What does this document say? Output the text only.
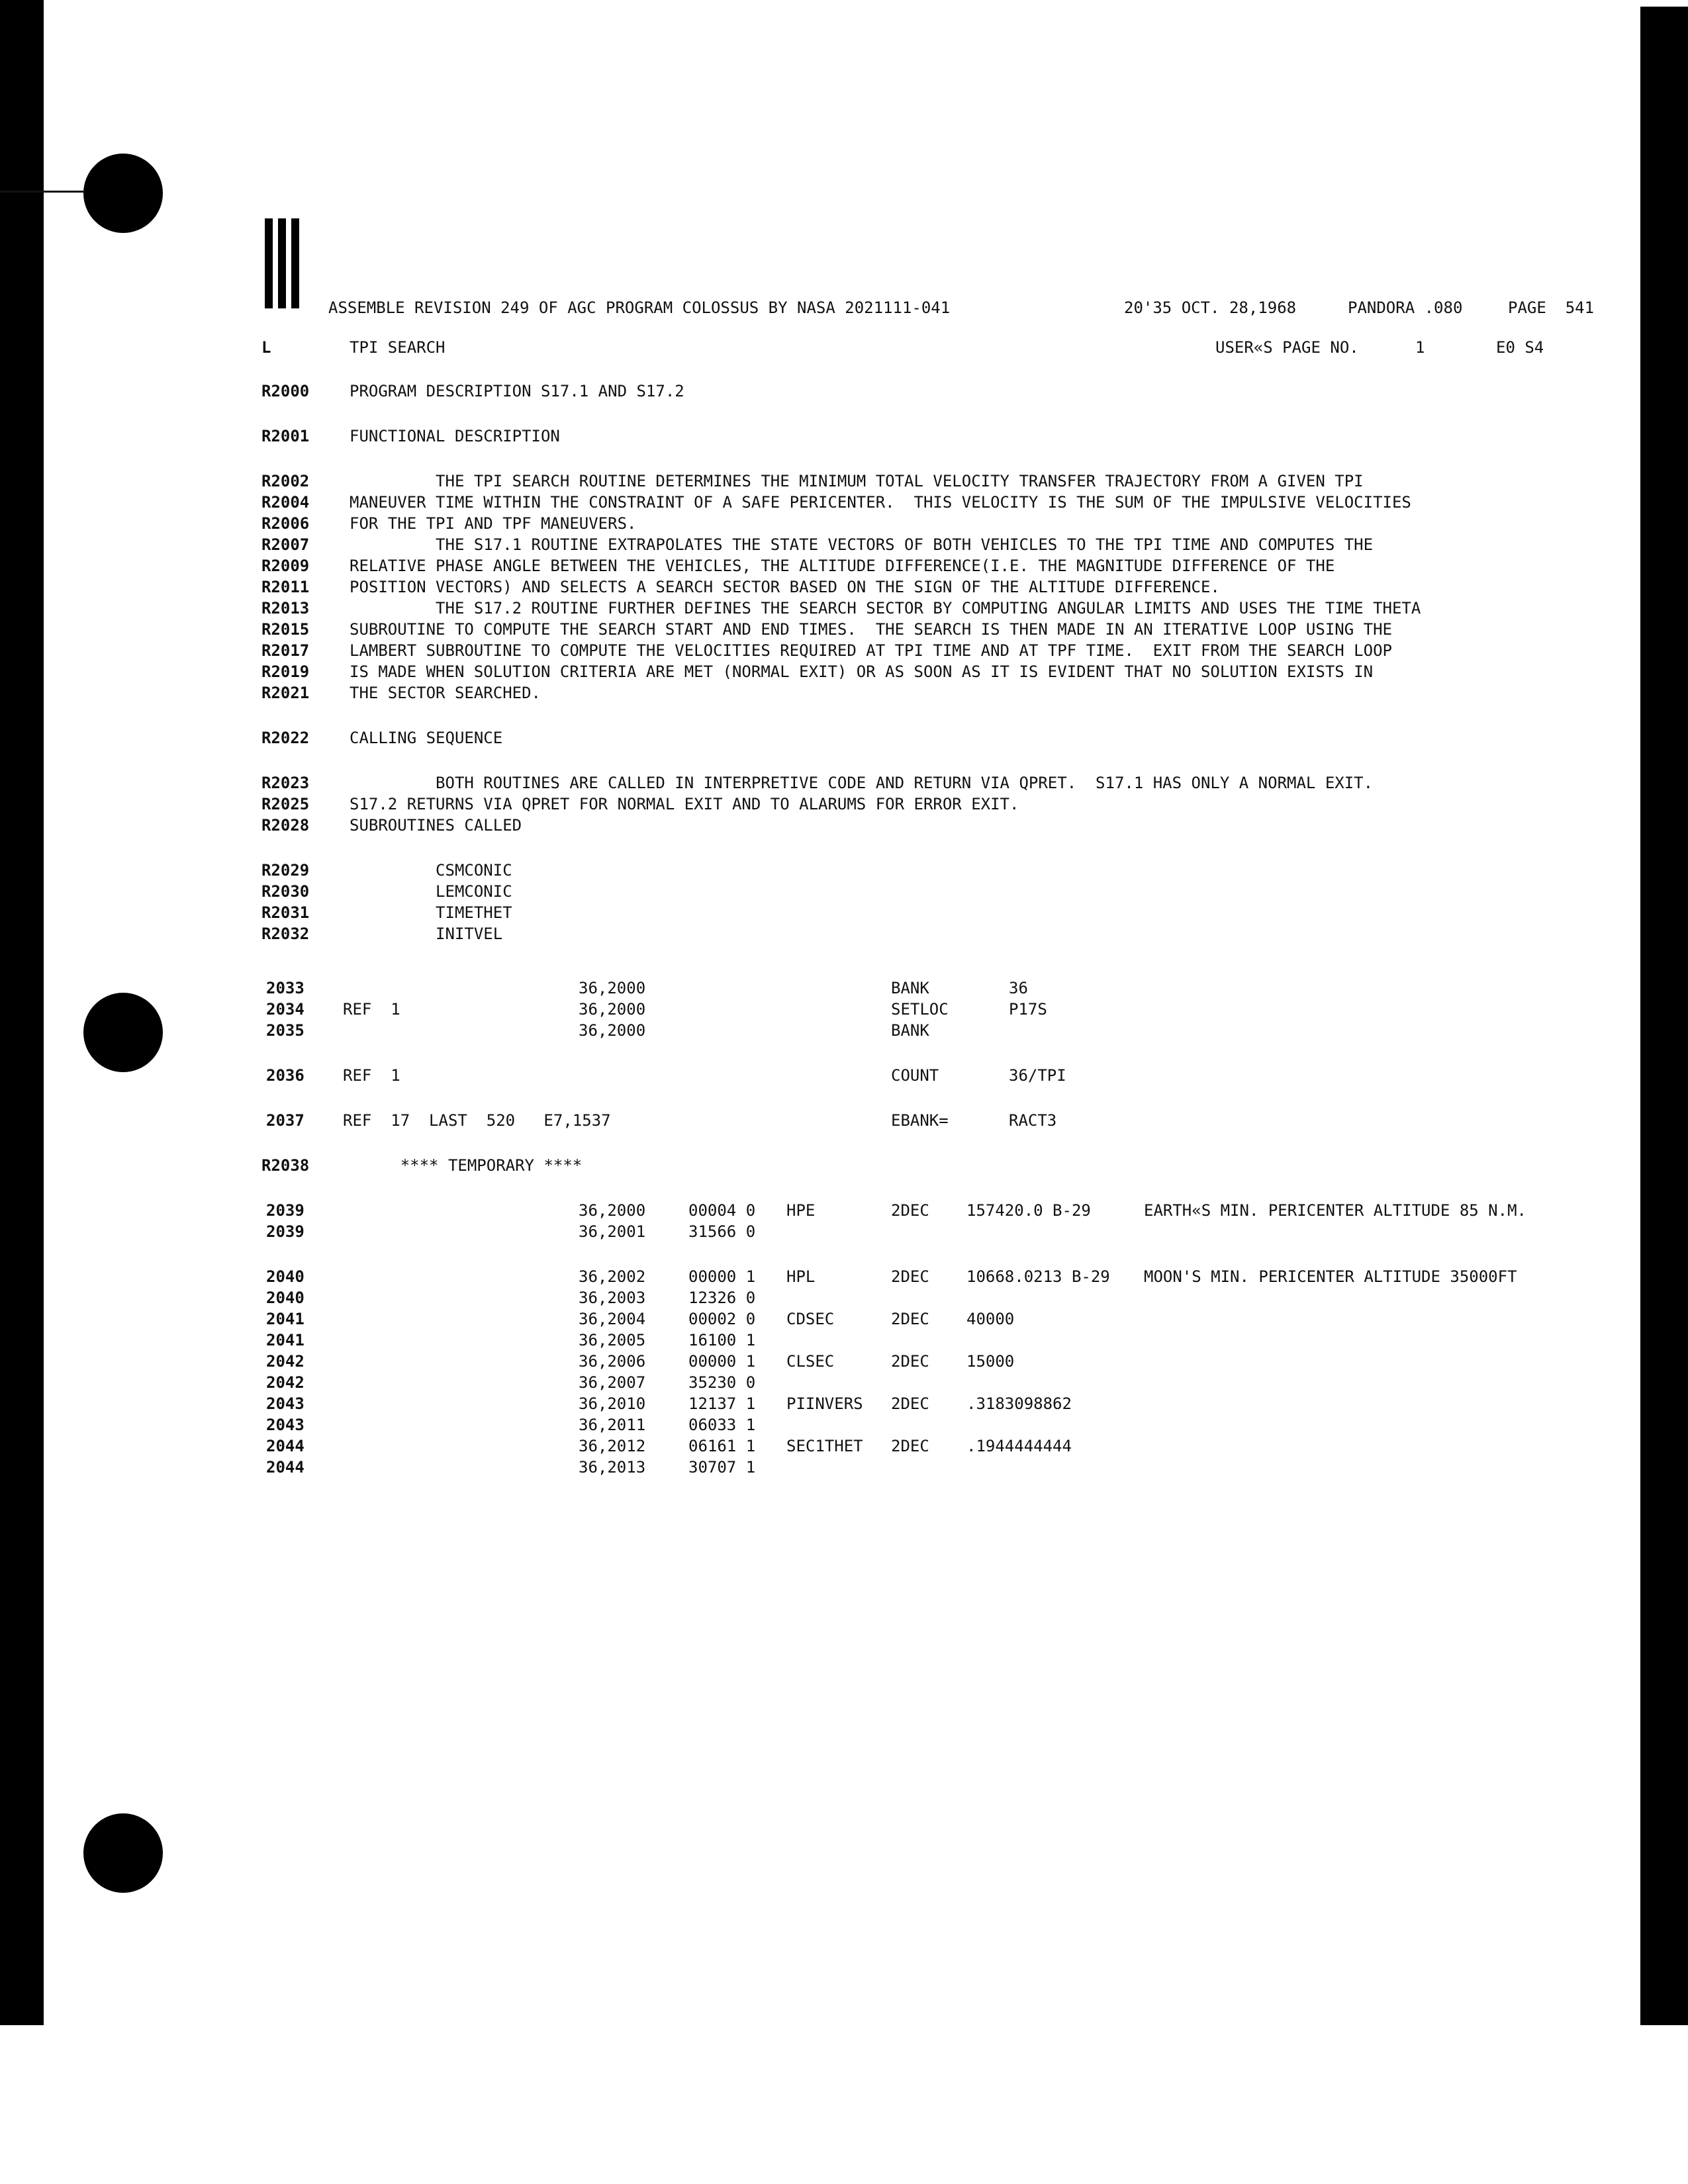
ASSEMBLE REVISION 249 OF AGC PROGRAM COLOSSUS BY NASA 2021111-041	20'35 OCT. 28,1968	PANDORA .080	PAGE  541
L	TPI SEARCH	USER«S PAGE NO.	1	E0 S4
R2000	PROGRAM DESCRIPTION S17.1 AND S17.2
R2001	FUNCTIONAL DESCRIPTION
R2002	THE TPI SEARCH ROUTINE DETERMINES THE MINIMUM TOTAL VELOCITY TRANSFER TRAJECTORY FROM A GIVEN TPI
R2004	MANEUVER TIME WITHIN THE CONSTRAINT OF A SAFE PERICENTER.  THIS VELOCITY IS THE SUM OF THE IMPULSIVE VELOCITIES
R2006	FOR THE TPI AND TPF MANEUVERS.
R2007	THE S17.1 ROUTINE EXTRAPOLATES THE STATE VECTORS OF BOTH VEHICLES TO THE TPI TIME AND COMPUTES THE
R2009	RELATIVE PHASE ANGLE BETWEEN THE VEHICLES, THE ALTITUDE DIFFERENCE(I.E. THE MAGNITUDE DIFFERENCE OF THE
R2011	POSITION VECTORS) AND SELECTS A SEARCH SECTOR BASED ON THE SIGN OF THE ALTITUDE DIFFERENCE.
R2013	THE S17.2 ROUTINE FURTHER DEFINES THE SEARCH SECTOR BY COMPUTING ANGULAR LIMITS AND USES THE TIME THETA
R2015	SUBROUTINE TO COMPUTE THE SEARCH START AND END TIMES.  THE SEARCH IS THEN MADE IN AN ITERATIVE LOOP USING THE
R2017	LAMBERT SUBROUTINE TO COMPUTE THE VELOCITIES REQUIRED AT TPI TIME AND AT TPF TIME.  EXIT FROM THE SEARCH LOOP
R2019	IS MADE WHEN SOLUTION CRITERIA ARE MET (NORMAL EXIT) OR AS SOON AS IT IS EVIDENT THAT NO SOLUTION EXISTS IN
R2021	THE SECTOR SEARCHED.
R2022	CALLING SEQUENCE
R2023	BOTH ROUTINES ARE CALLED IN INTERPRETIVE CODE AND RETURN VIA QPRET.  S17.1 HAS ONLY A NORMAL EXIT.
R2025	S17.2 RETURNS VIA QPRET FOR NORMAL EXIT AND TO ALARUMS FOR ERROR EXIT.
R2028	SUBROUTINES CALLED
R2029	CSMCONIC
R2030	LEMCONIC
R2031	TIMETHET
R2032	INITVEL
2033	36,2000	BANK	36
2034 REF  1	36,2000	SETLOC	P17S
2035	36,2000	BANK
2036 REF  1	COUNT	36/TPI
2037 REF  17  LAST  520   E7,1537	EBANK=	RACT3
R2038 **** TEMPORARY ****
2039	36,2000	00004 0 HPE	2DEC 157420.0 B-29	EARTH«S MIN. PERICENTER ALTITUDE 85 N.M.
2039	36,2001	31566 0
2040	36,2002	00000 1 HPL	2DEC 10668.0213 B-29 MOON'S MIN. PERICENTER ALTITUDE 35000FT
2040	36,2003	12326 0
2041	36,2004	00002 0 CDSEC	2DEC 40000
2041	36,2005	16100 1
2042	36,2006	00000 1 CLSEC	2DEC 15000
2042	36,2007	35230 0
2043	36,2010	12137 1 PIINVERS 2DEC .3183098862
2043	36,2011	06033 1
2044	36,2012	06161 1 SEC1THET 2DEC .1944444444
2044	36,2013	30707 1
